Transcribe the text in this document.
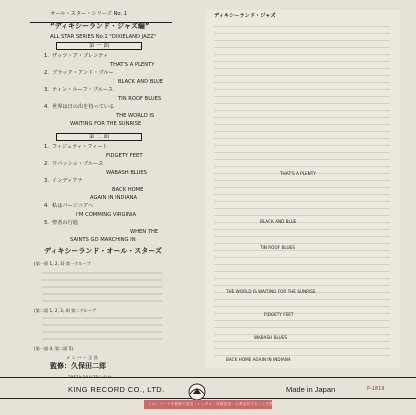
オール・スター・シリーズ No. 1
“ディキシーランド・ジャズ編”
ALL STAR SERIES No.1 "DIXIELAND JAZZ"
第 一 面
1. ザッツ・ア・プレンティ
THAT'S A PLENTY
2. ブラック・アンド・ブルー
BLACK AND BLUE
3. ティン・ルーフ・ブルース
TIN ROOF BLUES
4. 世界は日の出を待っている
THE WORLD IS
WAITING FOR THE SUNRISE
第 二 面
1. フィジェティ・フィート
FIDGETY FEET
2. ワバッシュ・ブルース
WABASH BLUES
3. インディアナ
BACK HOME
AGAIN IN INDIANA
4. 私はバージニアへ
I'M COMMING VIRGINIA
5. 聖者の行進
WHEN THE
SAINTS GO MARCHING IN
ディキシーランド・オール・スターズ
(第一面 1, 2, 3) 第一グループ
(第二面 1, 2, 3, 4) 第二グループ
(第一面 4, 第二面 5)
メ ン バ ー 全 員
監修：久保田二郎
ディキシーランド・ジャズ
THAT'S A PLENTY
BLACK AND BLUE
TIN ROOF BLUES
THE WORLD IS WAITING FOR THE SUNRISE
FIDGETY FEET
WABASH BLUES
BACK HOME AGAIN IN INDIANA
KING RECORD CO., LTD.	Made in Japan	P-1819
このレコードを無断で放送・レンタル・有線放送・公衆送信することを禁じます
